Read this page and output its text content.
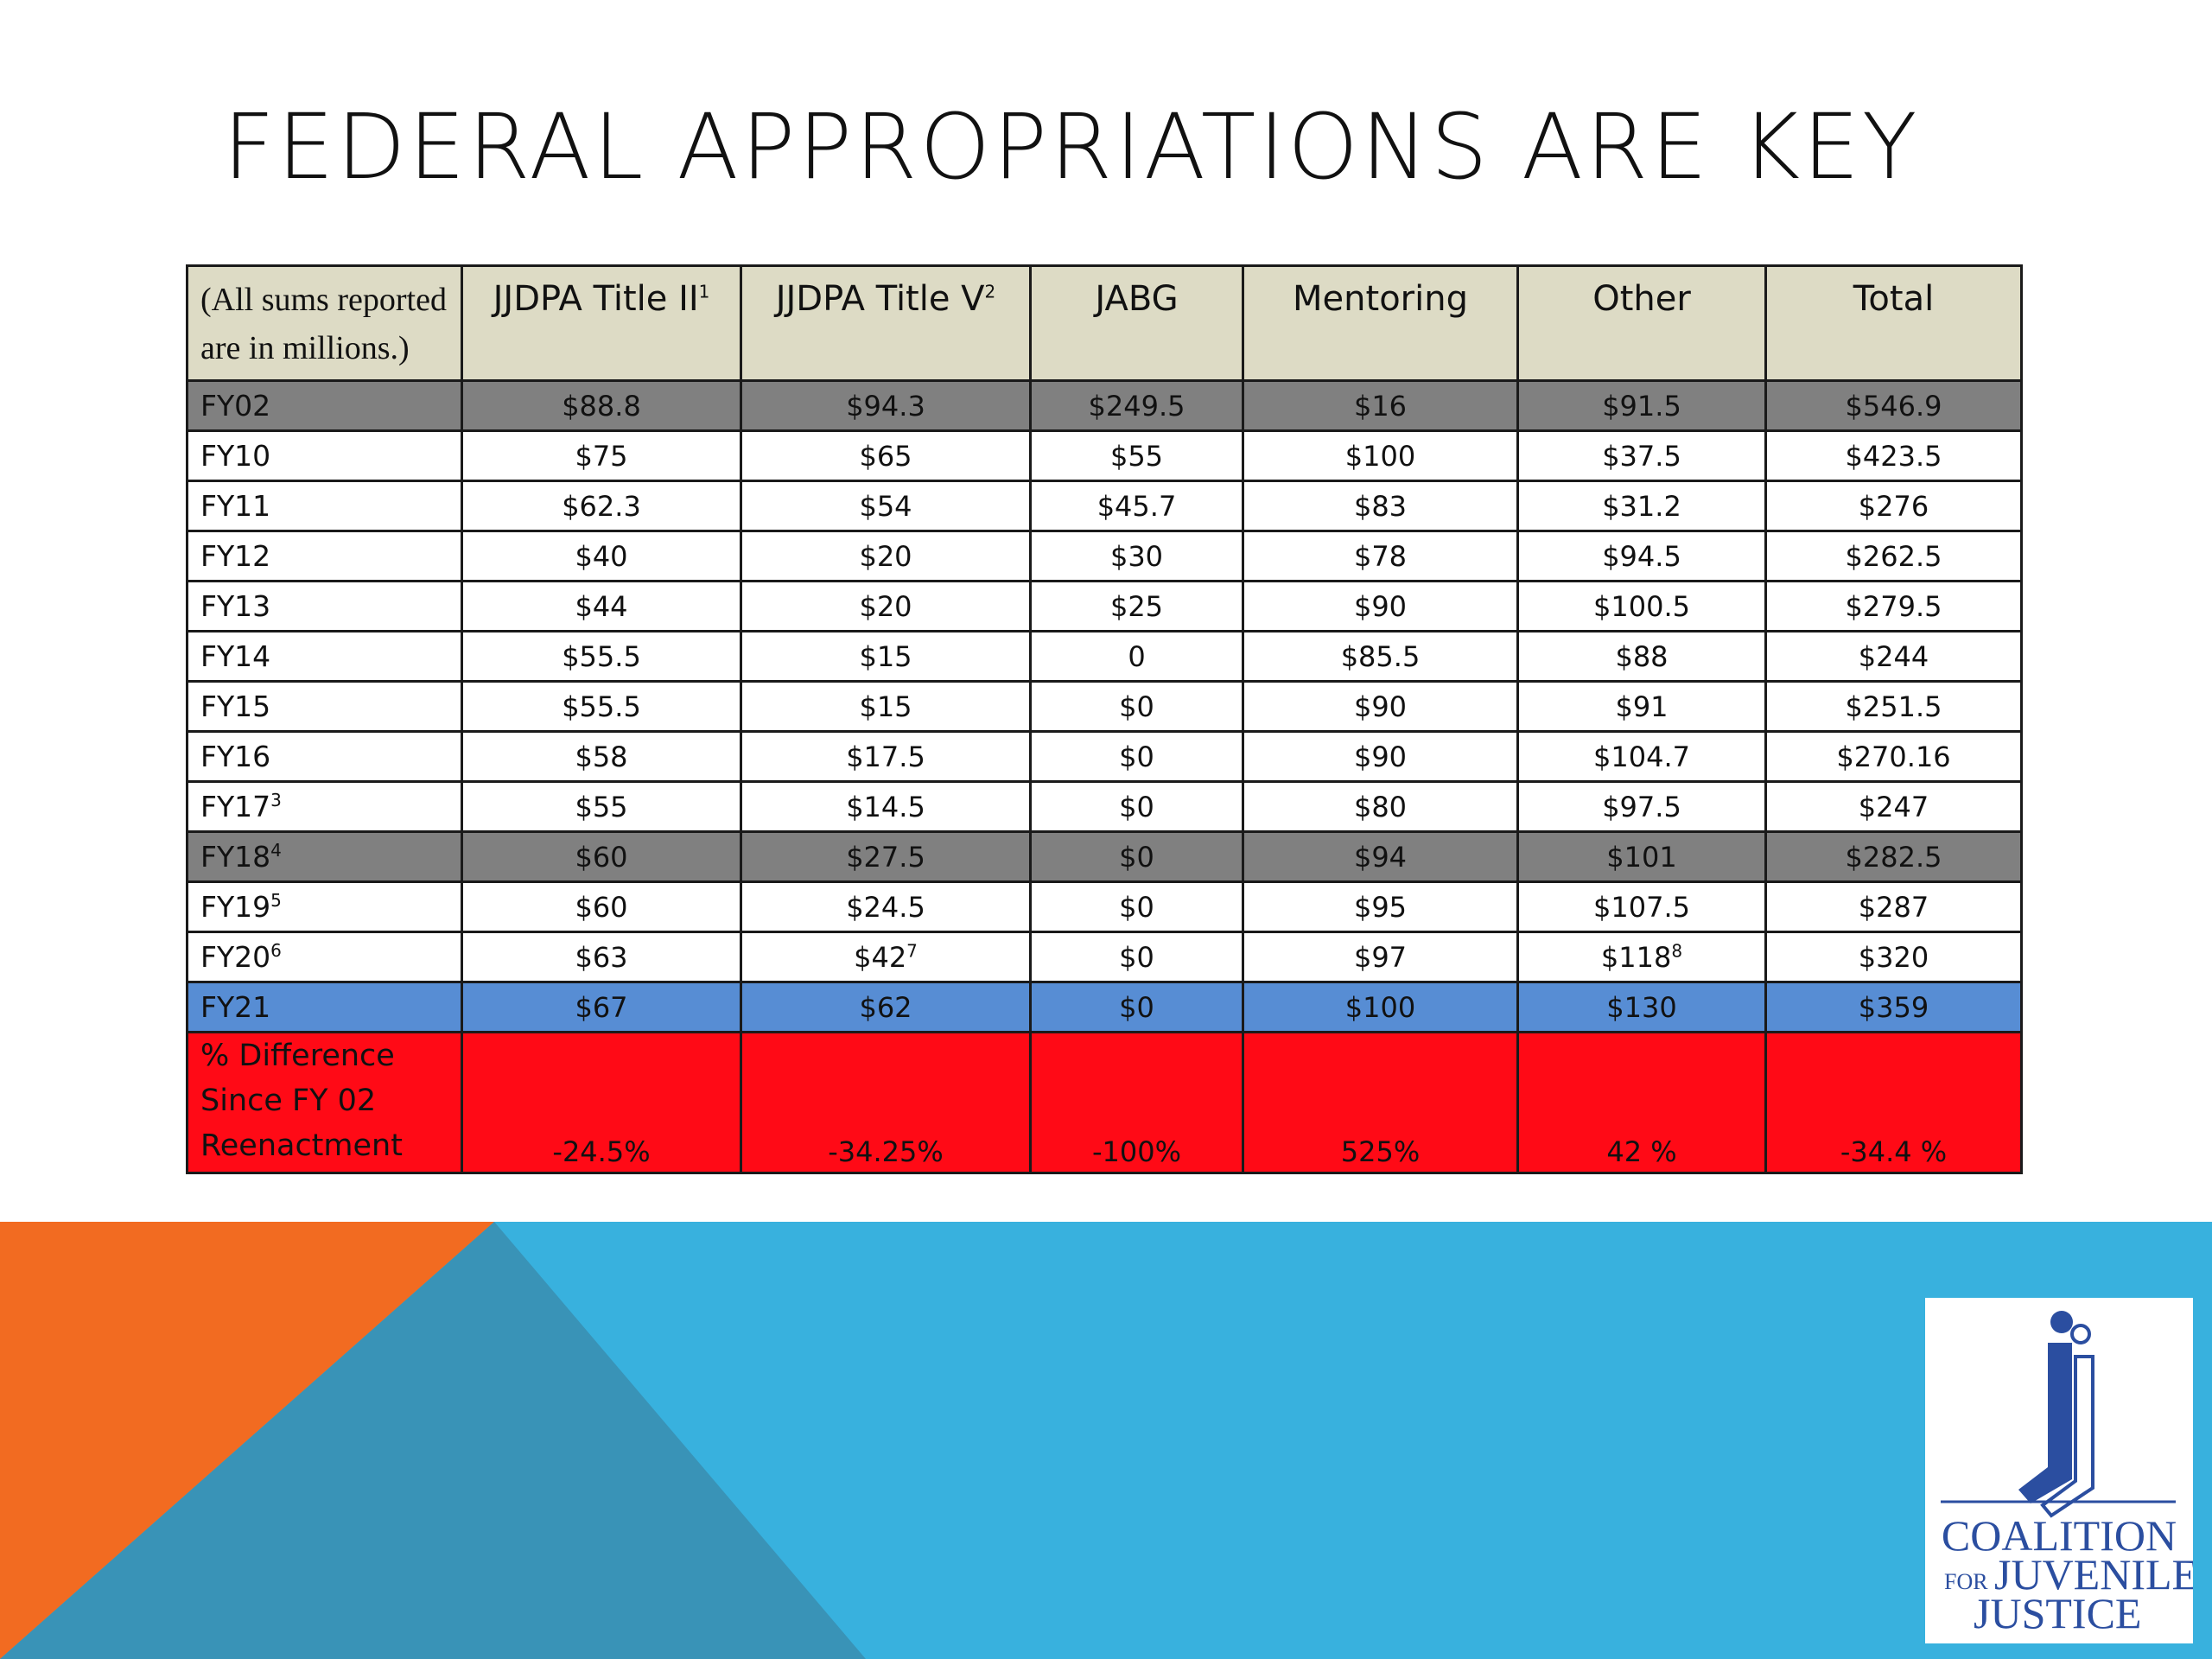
FEDERAL APPROPRIATIONS ARE KEY
(All sums reported are in millions.)	JJDPA Title $II^1$	JJDPA Title $V^2$	JABG	Mentoring	Other	Total
FY02	$88.8	$94.3	$249.5	$16	$91.5	$546.9
FY10	$75	$65	$55	$100	$37.5	$423.5
FY11	$62.3	$54	$45.7	$83	$31.2	$276
FY12	$40	$20	$30	$78	$94.5	$262.5
FY13	$44	$20	$25	$90	$100.5	$279.5
FY14	$55.5	$15	0	$85.5	$88	$244
FY15	$55.5	$15	$0	$90	$91	$251.5
FY16	$58	$17.5	$0	$90	$104.7	$270.16
$FY17^3$	$55	$14.5	$0	$80	$97.5	$247
$FY18^4$	$60	$27.5	$0	$94	$101	$282.5
$FY19^5$	$60	$24.5	$0	$95	$107.5	$287
$FY20^6$	$63	$\$42^7$	$0	$97	$\$118^8$	$320
FY21	$67	$62	$0	$100	$130	$359
% Difference Since FY 02 Reenactment	-24.5%	-34.25%	-100%	525%	42 %	-34.4 %
COALITION
FOR JUVENILE
JUSTICE
